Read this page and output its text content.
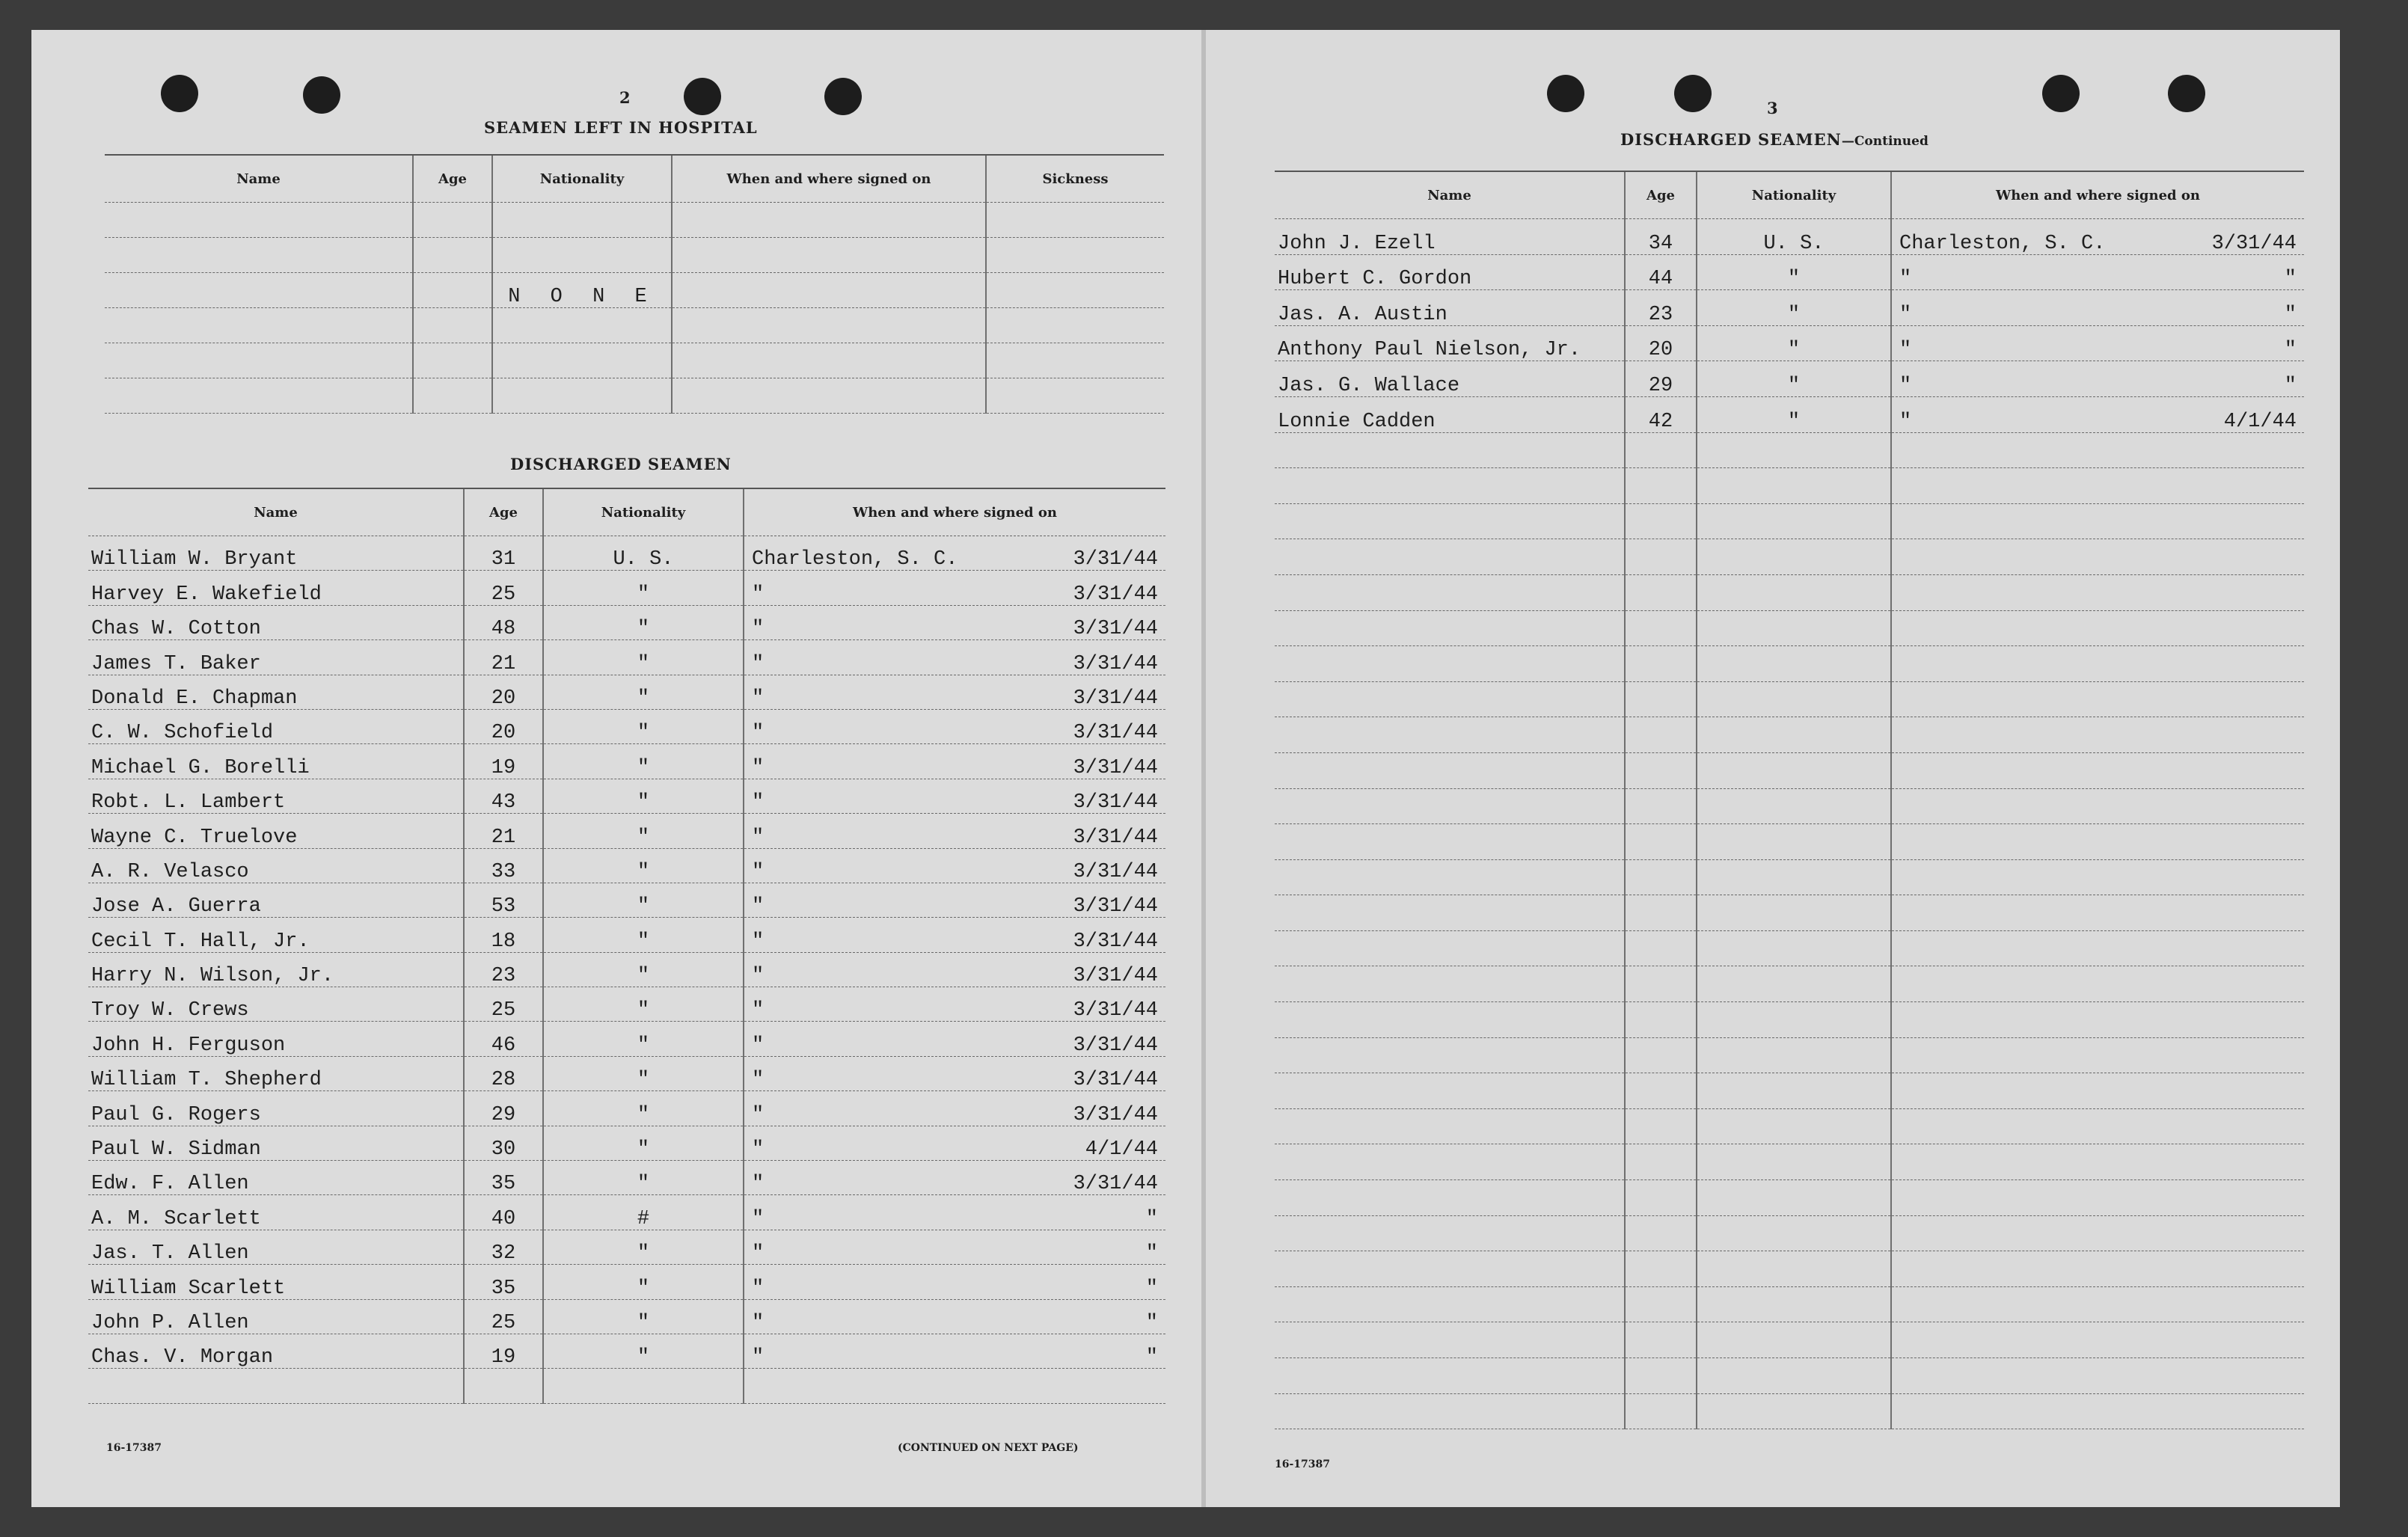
2
SEAMEN LEFT IN HOSPITAL
Name	Age	Nationality	When and where signed on	Sickness

		N O N E		

DISCHARGED SEAMEN
Name	Age	Nationality	When and where signed on
William W. Bryant	31	U. S.	Charleston, S. C. 3/31/44

Harvey E. Wakefield	25	"	" 3/31/44

Chas W. Cotton	48	"	" 3/31/44

James T. Baker	21	"	" 3/31/44

Donald E. Chapman	20	"	" 3/31/44

C. W. Schofield	20	"	" 3/31/44

Michael G. Borelli	19	"	" 3/31/44

Robt. L. Lambert	43	"	" 3/31/44

Wayne C. Truelove	21	"	" 3/31/44

A. R. Velasco	33	"	" 3/31/44

Jose A. Guerra	53	"	" 3/31/44

Cecil T. Hall, Jr.	18	"	" 3/31/44

Harry N. Wilson, Jr.	23	"	" 3/31/44

Troy W. Crews	25	"	" 3/31/44

John H. Ferguson	46	"	" 3/31/44

William T. Shepherd	28	"	" 3/31/44

Paul G. Rogers	29	"	" 3/31/44

Paul W. Sidman	30	"	" 4/1/44

Edw. F. Allen	35	"	" 3/31/44

A. M. Scarlett	40	#	" "

Jas. T. Allen	32	"	" "

William Scarlett	35	"	" "

John P. Allen	25	"	" "

Chas. V. Morgan	19	"	" "

16-17387	(CONTINUED ON NEXT PAGE)
3
DISCHARGED SEAMEN—Continued
Name	Age	Nationality	When and where signed on
John J. Ezell	34	U. S.	Charleston, S. C. 3/31/44

Hubert C. Gordon	44	"	" "

Jas. A. Austin	23	"	" "

Anthony Paul Nielson, Jr.	20	"	" "

Jas. G. Wallace	29	"	" "

Lonnie Cadden	42	"	" 4/1/44

16-17387
